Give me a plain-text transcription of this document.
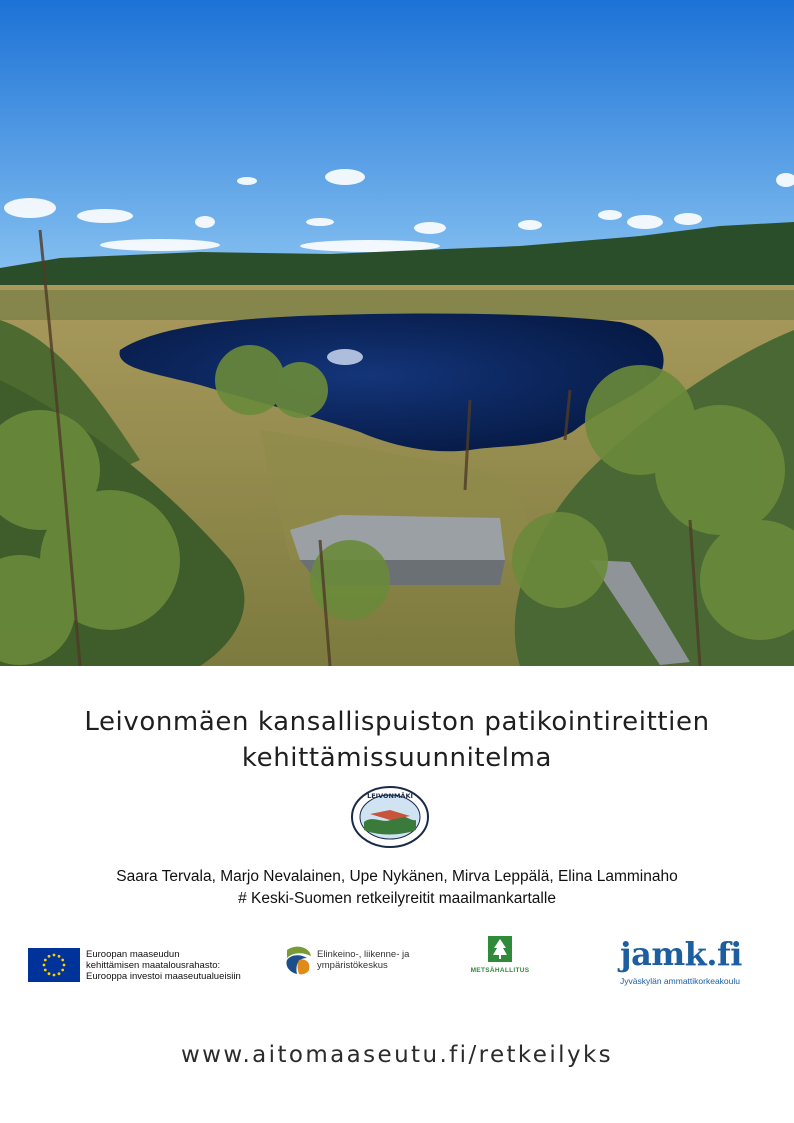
Leivonmäen kansallispuiston patikointireittien
kehittämissuunnitelma
LEIVONMÄKI
Saara Tervala, Marjo Nevalainen, Upe Nykänen, Mirva Leppälä, Elina Lamminaho
# Keski-Suomen retkeilyreitit maailmankartalle
Euroopan maaseudun
kehittämisen maatalousrahasto:
Eurooppa investoi maaseutualueisiin
Elinkeino-, liikenne- ja
ympäristökeskus	METSÄHALLITUS	jamk.fi
Jyväskylän ammattikorkeakoulu
www.aitomaaseutu.fi/retkeilyks
